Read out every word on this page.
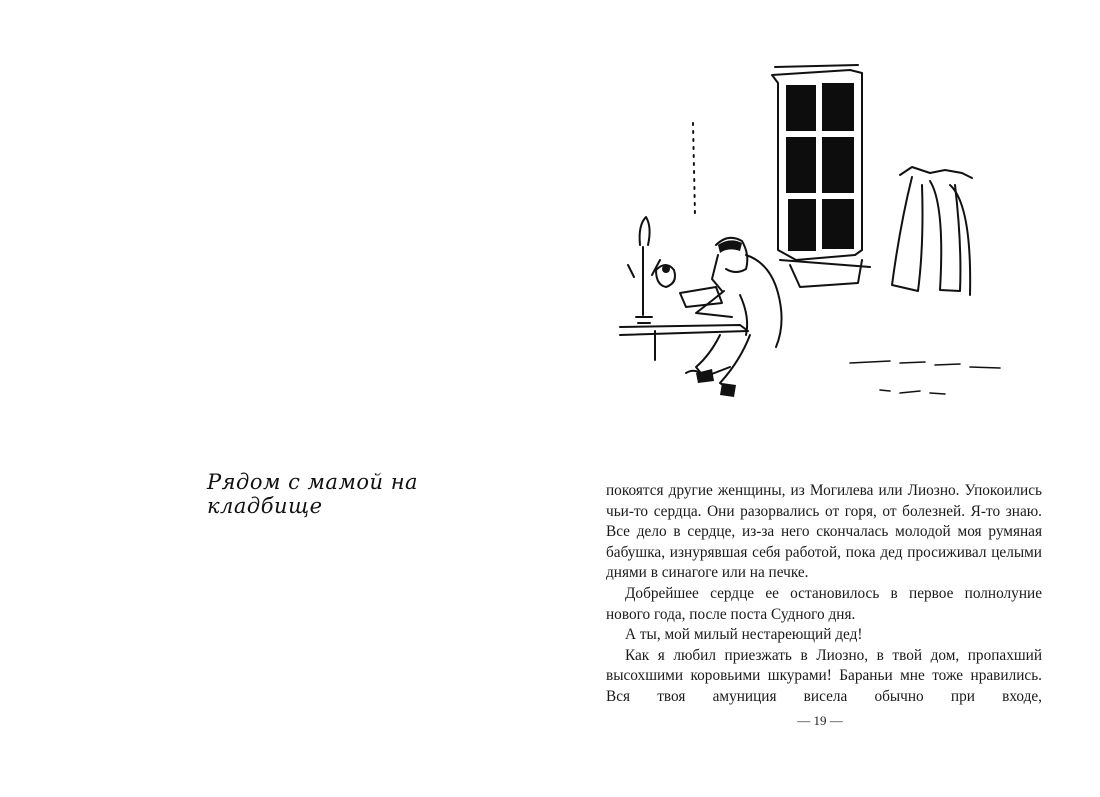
Рядом с мамой на кладбище

покоятся другие женщины, из Могилева или Лиозно. Упокоились чьи-то сердца. Они разорвались от горя, от болезней. Я-то знаю. Все дело в сердце, из-за него скончалась молодой моя румяная бабушка, изнурявшая себя работой, пока дед просиживал целыми днями в синагоге или на печке.

Добрейшее сердце ее остановилось в первое полнолуние нового года, после поста Судного дня.

А ты, мой милый нестареющий дед!

Как я любил приезжать в Лиозно, в твой дом, пропахший высохшими коровьими шкурами! Бараньи мне тоже нравились. Вся твоя амуниция висела обычно при входе,

— 19 —
